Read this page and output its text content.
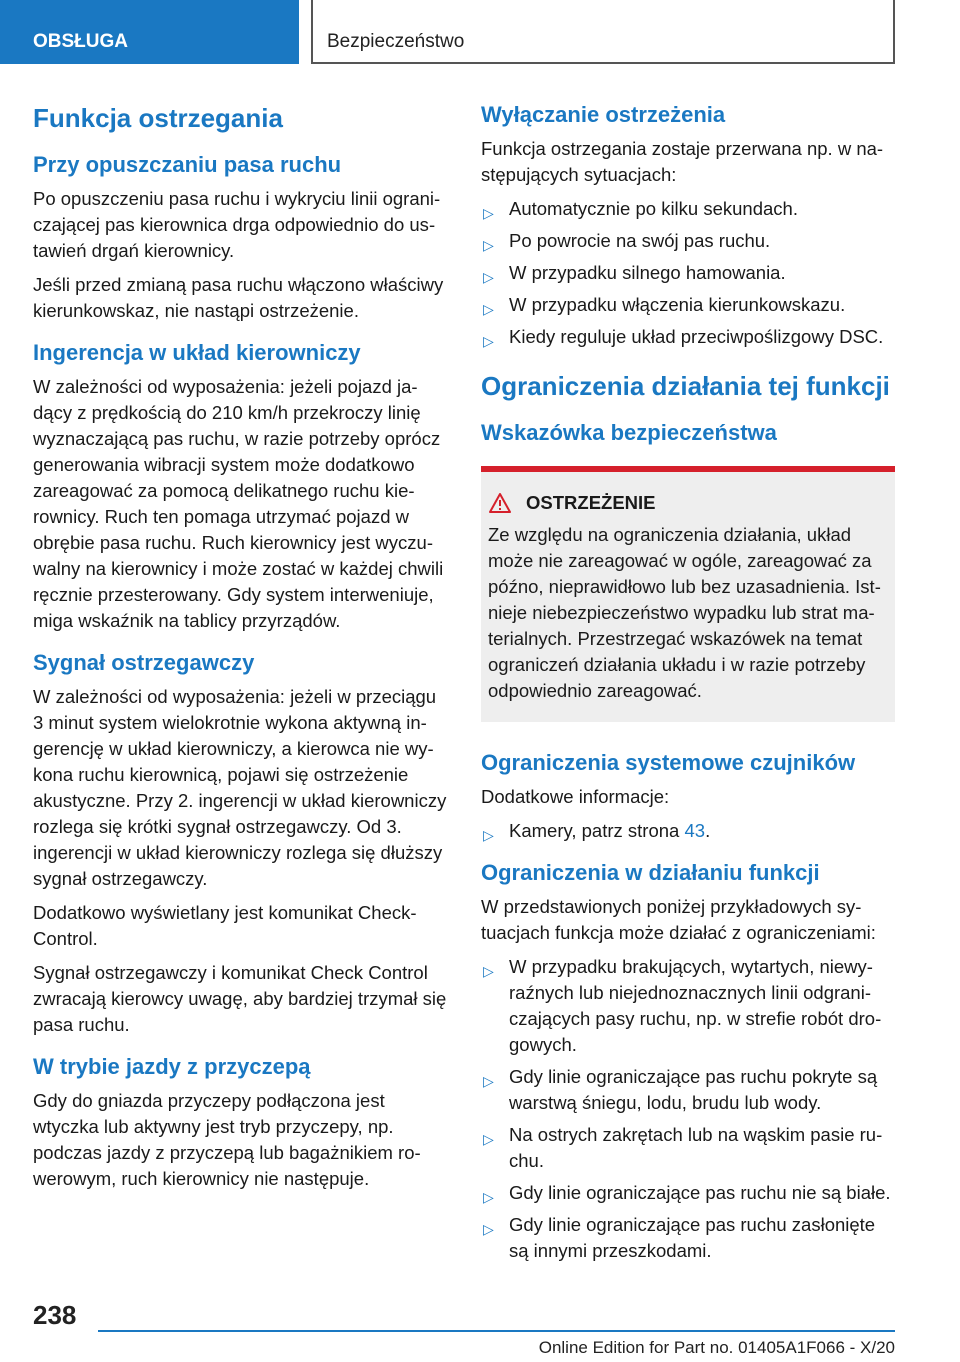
OBSŁUGA	Bezpieczeństwo
Funkcja ostrzegania
Przy opuszczaniu pasa ruchu

Po opuszczeniu pasa ruchu i wykryciu linii ograniczającej pas kierownica drga odpowiednio do ustawień drgań kierownicy.

Jeśli przed zmianą pasa ruchu włączono właściwy kierunkowskaz, nie nastąpi ostrzeżenie.

Ingerencja w układ kierowniczy

W zależności od wyposażenia: jeżeli pojazd jadący z prędkością do 210 km/h przekroczy linię wyznaczającą pas ruchu, w razie potrzeby oprócz generowania wibracji system może dodatkowo zareagować za pomocą delikatnego ruchu kierownicy. Ruch ten pomaga utrzymać pojazd w obrębie pasa ruchu. Ruch kierownicy jest wyczuwalny na kierownicy i może zostać w każdej chwili ręcznie przesterowany. Gdy system interweniuje, miga wskaźnik na tablicy przyrządów.

Sygnał ostrzegawczy

W zależności od wyposażenia: jeżeli w przeciągu 3 minut system wielokrotnie wykona aktywną ingerencję w układ kierowniczy, a kierowca nie wykona ruchu kierownicą, pojawi się ostrzeżenie akustyczne. Przy 2. ingerencji w układ kierowniczy rozlega się krótki sygnał ostrzegawczy. Od 3. ingerencji w układ kierowniczy rozlega się dłuższy sygnał ostrzegawczy.

Dodatkowo wyświetlany jest komunikat Check-Control.

Sygnał ostrzegawczy i komunikat Check Control zwracają kierowcy uwagę, aby bardziej trzymał się pasa ruchu.

W trybie jazdy z przyczepą

Gdy do gniazda przyczepy podłączona jest wtyczka lub aktywny jest tryb przyczepy, np. podczas jazdy z przyczepą lub bagażnikiem rowerowym, ruch kierownicy nie następuje.

Wyłączanie ostrzeżenia

Funkcja ostrzegania zostaje przerwana np. w następujących sytuacjach:

▷ Automatycznie po kilku sekundach.
▷ Po powrocie na swój pas ruchu.
▷ W przypadku silnego hamowania.
▷ W przypadku włączenia kierunkowskazu.
▷ Kiedy reguluje układ przeciwpoślizgowy DSC.
Ograniczenia działania tej funkcji
Wskazówka bezpieczeństwa
OSTRZEŻENIE
Ze względu na ograniczenia działania, układ może nie zareagować w ogóle, zareagować za późno, nieprawidłowo lub bez uzasadnienia. Istnieje niebezpieczeństwo wypadku lub strat materialnych. Przestrzegać wskazówek na temat ograniczeń działania układu i w razie potrzeby odpowiednio zareagować.
Ograniczenia systemowe czujników

Dodatkowe informacje:

▷ Kamery, patrz strona 43.
Ograniczenia w działaniu funkcji

W przedstawionych poniżej przykładowych sytuacjach funkcja może działać z ograniczeniami:

▷ W przypadku brakujących, wytartych, niewyraźnych lub niejednoznacznych linii odgraniczających pasy ruchu, np. w strefie robót drogowych.
▷ Gdy linie ograniczające pas ruchu pokryte są warstwą śniegu, lodu, brudu lub wody.
▷ Na ostrych zakrętach lub na wąskim pasie ruchu.
▷ Gdy linie ograniczające pas ruchu nie są białe.
▷ Gdy linie ograniczające pas ruchu zasłonięte są innymi przeszkodami.
238
Online Edition for Part no. 01405A1F066 - X/20
